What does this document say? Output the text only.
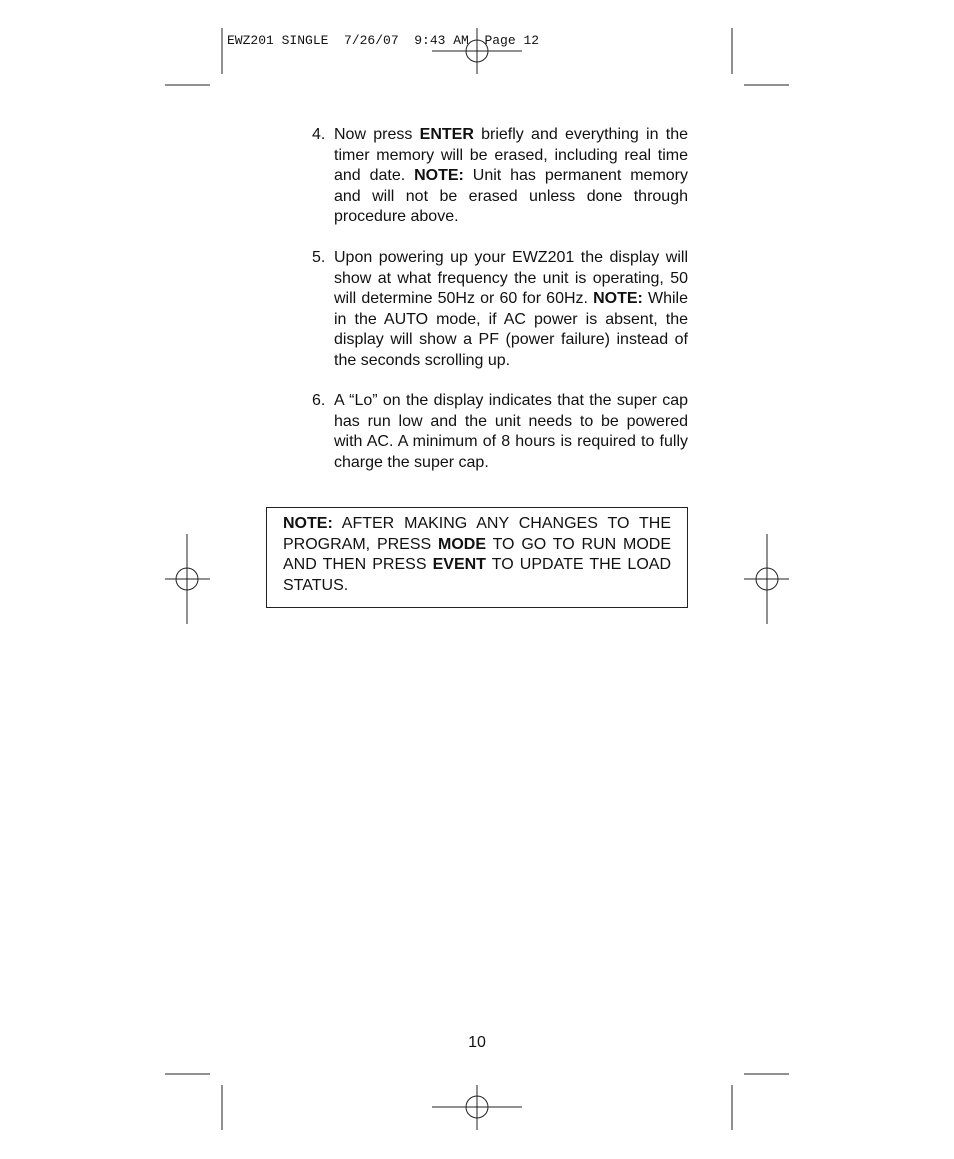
EWZ201 SINGLE  7/26/07  9:43 AM  Page 12
4. Now press ENTER briefly and everything in the timer memory will be erased, including real time and date. NOTE: Unit has permanent memory and will not be erased unless done through procedure above.
5. Upon powering up your EWZ201 the display will show at what frequency the unit is operating, 50 will determine 50Hz or 60 for 60Hz. NOTE: While in the AUTO mode, if AC power is absent, the display will show a PF (power failure) instead of the seconds scrolling up.
6. A “Lo” on the display indicates that the super cap has run low and the unit needs to be powered with AC. A minimum of 8 hours is required to fully charge the super cap.
NOTE: AFTER MAKING ANY CHANGES TO THE PROGRAM, PRESS MODE TO GO TO RUN MODE AND THEN PRESS EVENT TO UPDATE THE LOAD STATUS.
10
